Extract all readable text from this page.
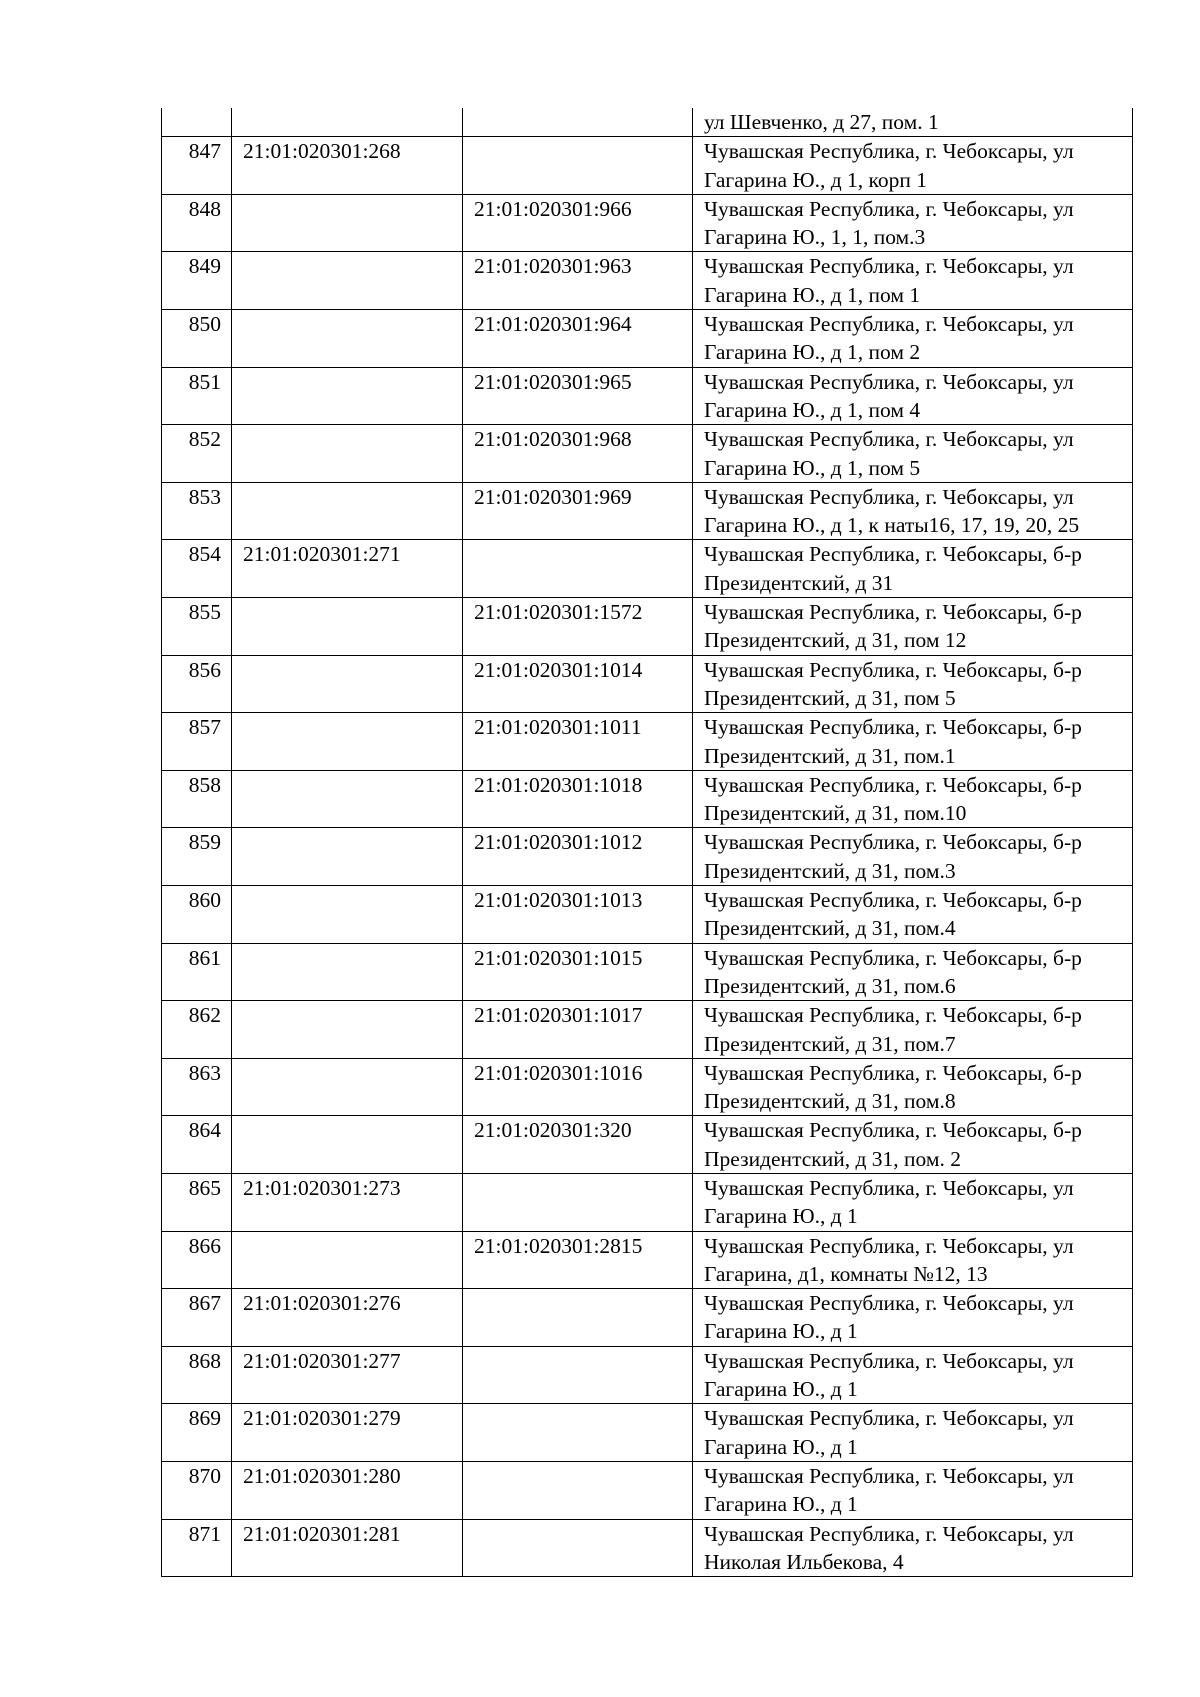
			ул Шевченко, д 27, пом. 1
847	21:01:020301:268		Чувашская Республика, г. Чебоксары, ул Гагарина Ю., д 1, корп 1
848		21:01:020301:966	Чувашская Республика, г. Чебоксары, ул Гагарина Ю., 1, 1, пом.3
849		21:01:020301:963	Чувашская Республика, г. Чебоксары, ул Гагарина Ю., д 1, пом 1
850		21:01:020301:964	Чувашская Республика, г. Чебоксары, ул Гагарина Ю., д 1, пом 2
851		21:01:020301:965	Чувашская Республика, г. Чебоксары, ул Гагарина Ю., д 1, пом 4
852		21:01:020301:968	Чувашская Республика, г. Чебоксары, ул Гагарина Ю., д 1, пом 5
853		21:01:020301:969	Чувашская Республика, г. Чебоксары, ул Гагарина Ю., д 1, к наты16, 17, 19, 20, 25
854	21:01:020301:271		Чувашская Республика, г. Чебоксары, б-р Президентский, д 31
855		21:01:020301:1572	Чувашская Республика, г. Чебоксары, б-р Президентский, д 31, пом 12
856		21:01:020301:1014	Чувашская Республика, г. Чебоксары, б-р Президентский, д 31, пом 5
857		21:01:020301:1011	Чувашская Республика, г. Чебоксары, б-р Президентский, д 31, пом.1
858		21:01:020301:1018	Чувашская Республика, г. Чебоксары, б-р Президентский, д 31, пом.10
859		21:01:020301:1012	Чувашская Республика, г. Чебоксары, б-р Президентский, д 31, пом.3
860		21:01:020301:1013	Чувашская Республика, г. Чебоксары, б-р Президентский, д 31, пом.4
861		21:01:020301:1015	Чувашская Республика, г. Чебоксары, б-р Президентский, д 31, пом.6
862		21:01:020301:1017	Чувашская Республика, г. Чебоксары, б-р Президентский, д 31, пом.7
863		21:01:020301:1016	Чувашская Республика, г. Чебоксары, б-р Президентский, д 31, пом.8
864		21:01:020301:320	Чувашская Республика, г. Чебоксары, б-р Президентский, д 31, пом. 2
865	21:01:020301:273		Чувашская Республика, г. Чебоксары, ул Гагарина Ю., д 1
866		21:01:020301:2815	Чувашская Республика, г. Чебоксары, ул Гагарина, д1, комнаты №12, 13
867	21:01:020301:276		Чувашская Республика, г. Чебоксары, ул Гагарина Ю., д 1
868	21:01:020301:277		Чувашская Республика, г. Чебоксары, ул Гагарина Ю., д 1
869	21:01:020301:279		Чувашская Республика, г. Чебоксары, ул Гагарина Ю., д 1
870	21:01:020301:280		Чувашская Республика, г. Чебоксары, ул Гагарина Ю., д 1
871	21:01:020301:281		Чувашская Республика, г. Чебоксары, ул Николая Ильбекова, 4
